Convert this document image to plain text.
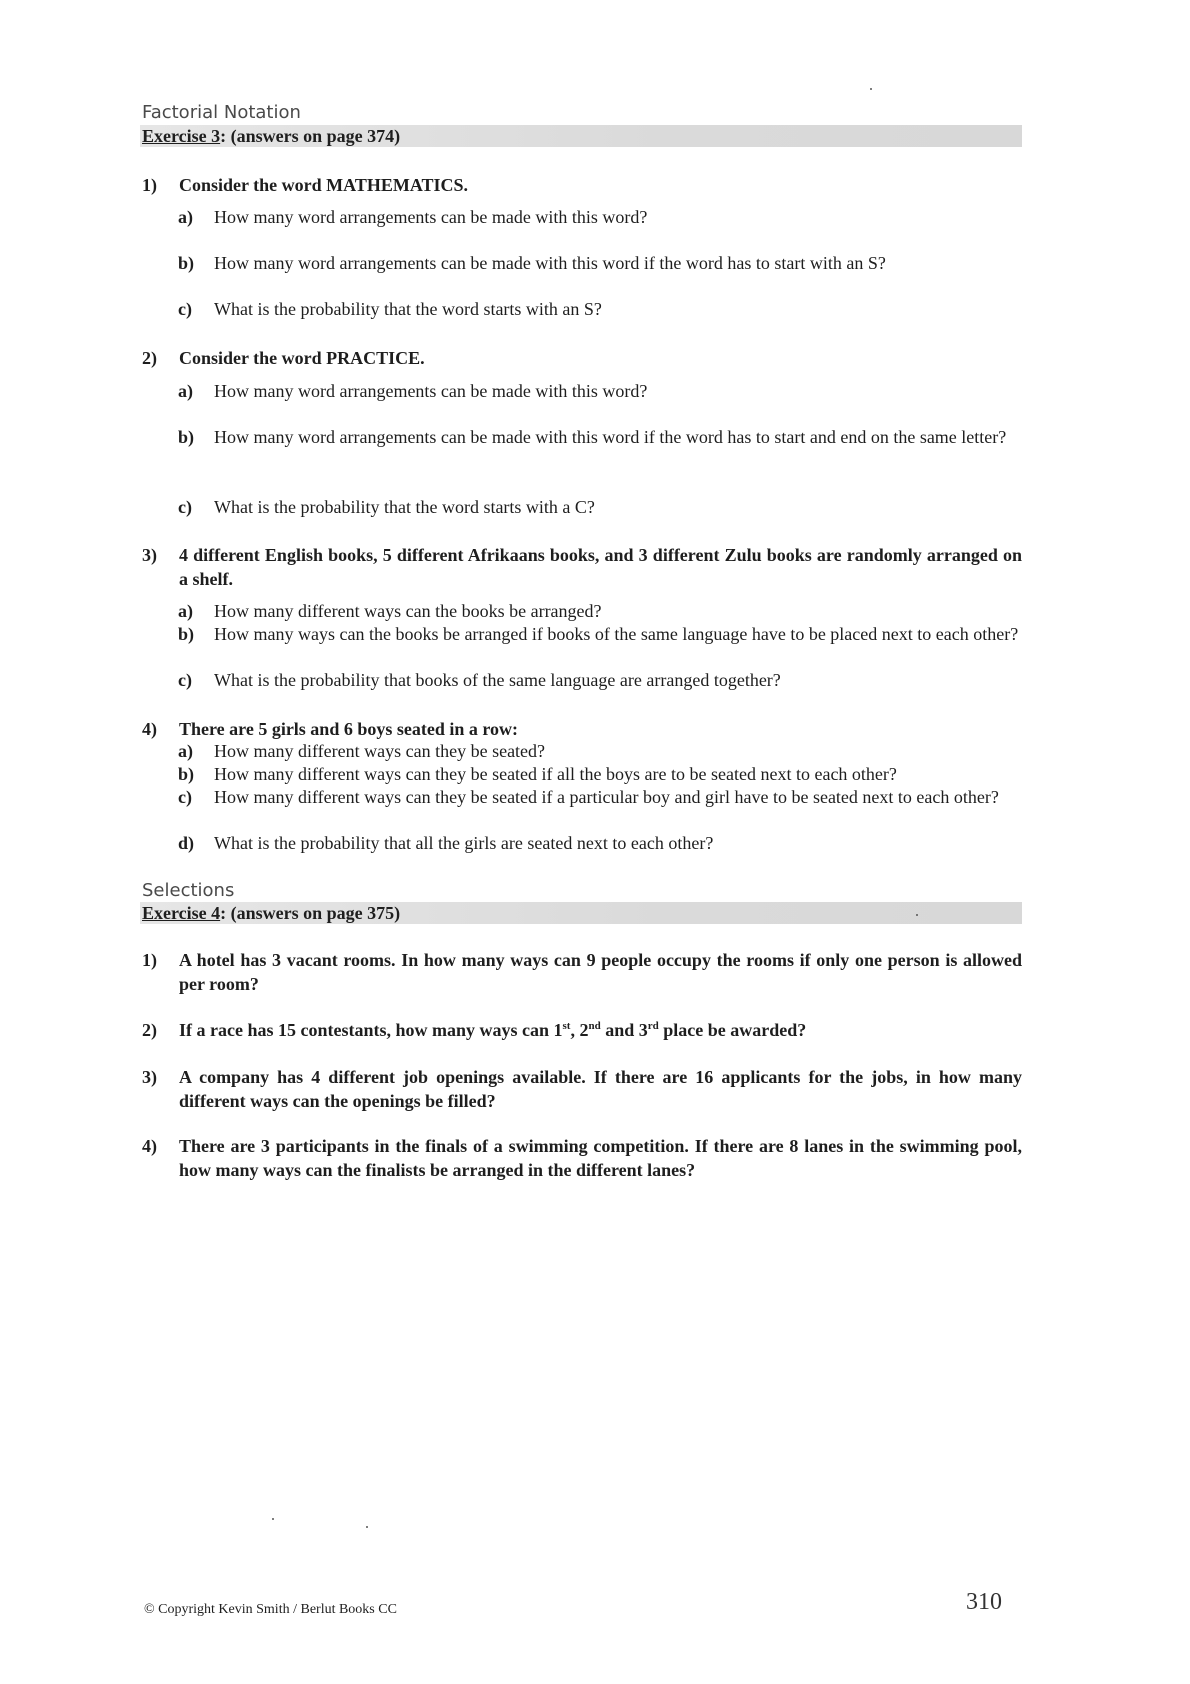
Factorial Notation
Exercise 3: (answers on page 374)
1)	Consider the word MATHEMATICS.
a)	How many word arrangements can be made with this word?
b)	How many word arrangements can be made with this word if the word has to start with an S?
c)	What is the probability that the word starts with an S?
2)	Consider the word PRACTICE.
a)	How many word arrangements can be made with this word?
b)	How many word arrangements can be made with this word if the word has to start and end on the same letter?
c)	What is the probability that the word starts with a C?
3)	4 different English books, 5 different Afrikaans books, and 3 different Zulu books are randomly arranged on a shelf.
a)	How many different ways can the books be arranged?
b)	How many ways can the books be arranged if books of the same language have to be placed next to each other?
c)	What is the probability that books of the same language are arranged together?
4)	There are 5 girls and 6 boys seated in a row:
a)	How many different ways can they be seated?
b)	How many different ways can they be seated if all the boys are to be seated next to each other?
c)	How many different ways can they be seated if a particular boy and girl have to be seated next to each other?
d)	What is the probability that all the girls are seated next to each other?
Selections
Exercise 4: (answers on page 375)
1)	A hotel has 3 vacant rooms. In how many ways can 9 people occupy the rooms if only one person is allowed per room?
2)	If a race has 15 contestants, how many ways can 1st, 2nd and 3rd place be awarded?
3)	A company has 4 different job openings available. If there are 16 applicants for the jobs, in how many different ways can the openings be filled?
4)	There are 3 participants in the finals of a swimming competition. If there are 8 lanes in the swimming pool, how many ways can the finalists be arranged in the different lanes?
© Copyright Kevin Smith / Berlut Books CC	310
